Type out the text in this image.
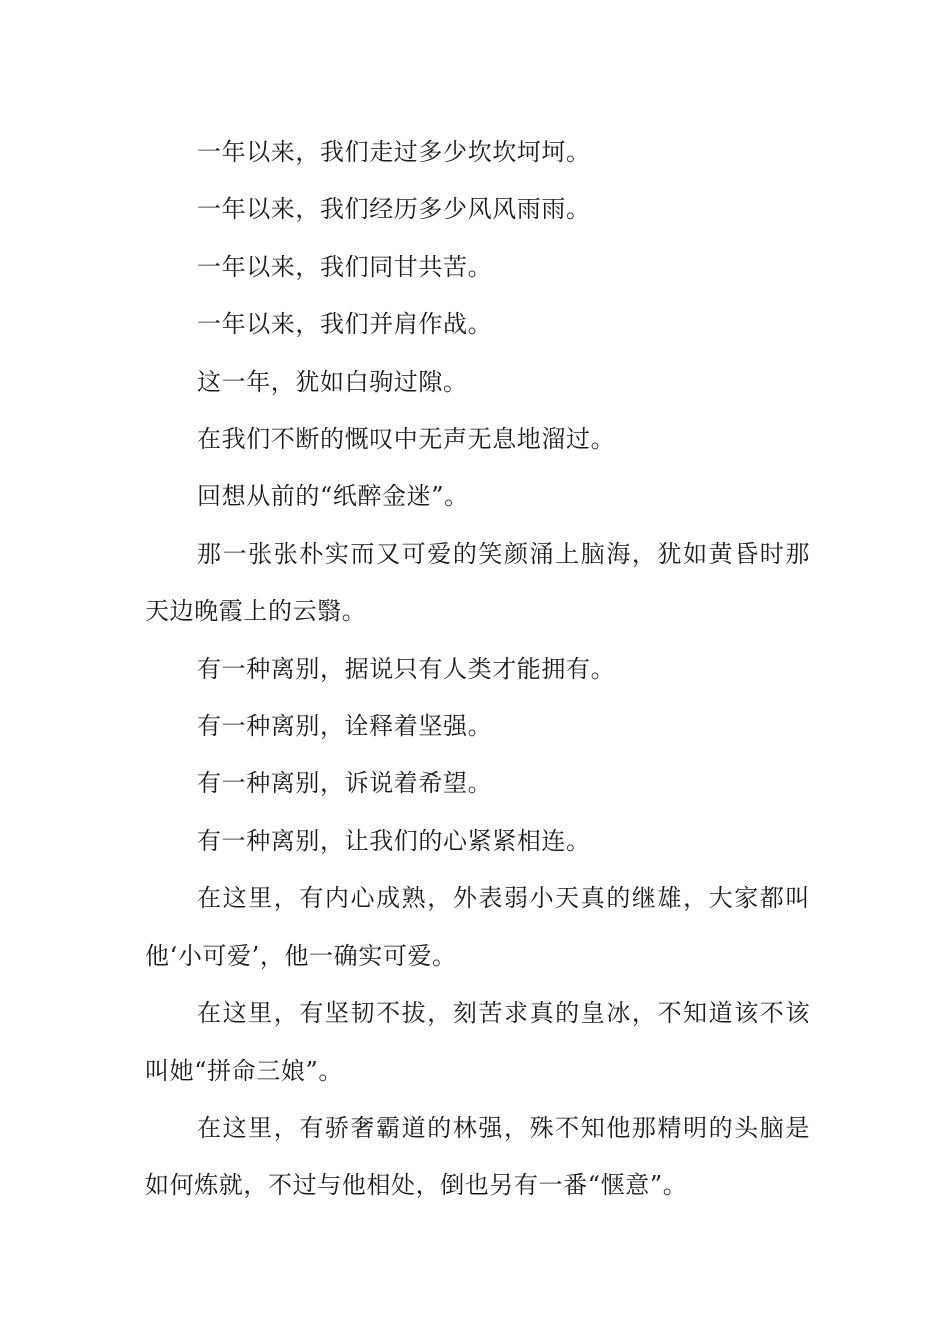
一年以来，我们走过多少坎坎坷坷。

一年以来，我们经历多少风风雨雨。

一年以来，我们同甘共苦。

一年以来，我们并肩作战。

这一年，犹如白驹过隙。

在我们不断的慨叹中无声无息地溜过。

回想从前的“纸醉金迷”。

那一张张朴实而又可爱的笑颜涌上脑海，犹如黄昏时那天边晚霞上的云翳。

有一种离别，据说只有人类才能拥有。

有一种离别，诠释着坚强。

有一种离别，诉说着希望。

有一种离别，让我们的心紧紧相连。

在这里，有内心成熟，外表弱小天真的继雄，大家都叫他‘小可爱’，他一确实可爱。

在这里，有坚韧不拔，刻苦求真的皇冰，不知道该不该叫她“拼命三娘”。

在这里，有骄奢霸道的林强，殊不知他那精明的头脑是如何炼就，不过与他相处，倒也另有一番“惬意”。
